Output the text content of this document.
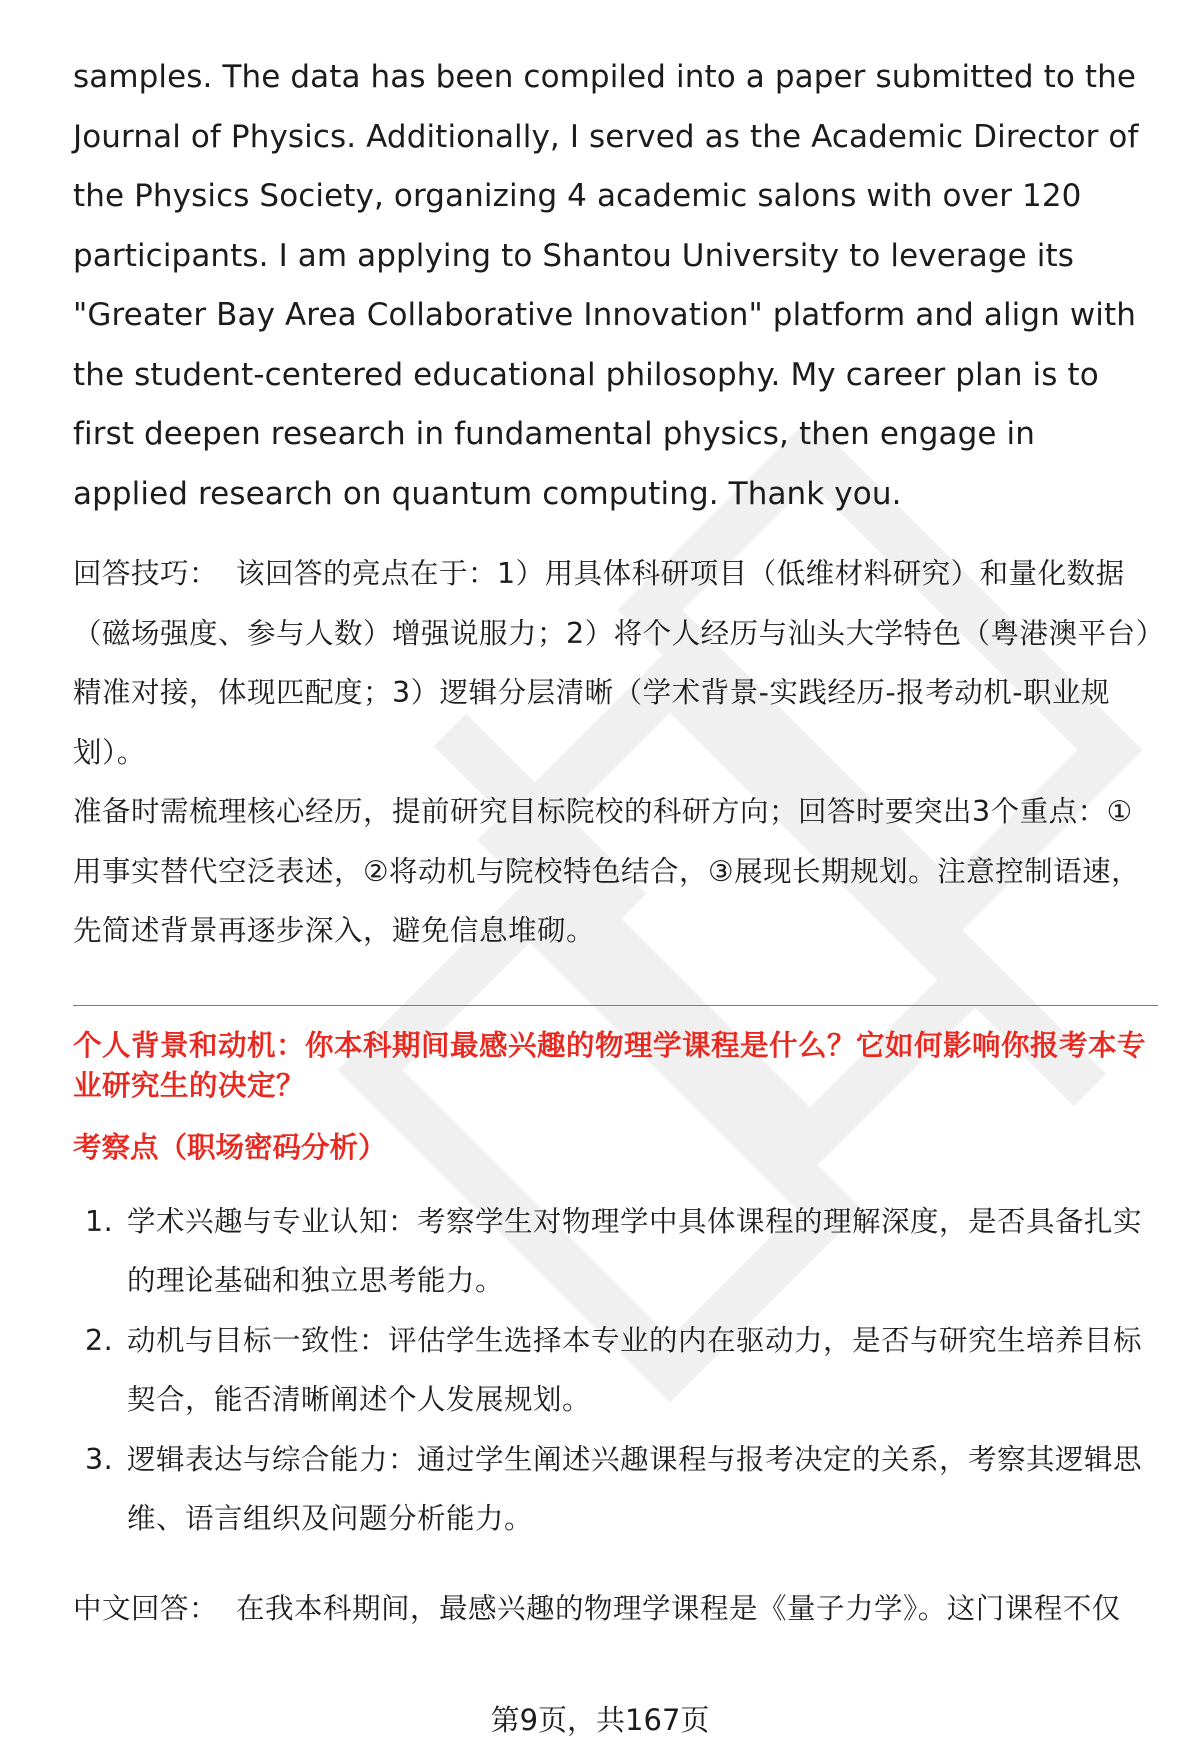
samples. The data has been compiled into a paper submitted to the Journal of Physics. Additionally, I served as the Academic Director of the Physics Society, organizing 4 academic salons with over 120 participants. I am applying to Shantou University to leverage its "Greater Bay Area Collaborative Innovation" platform and align with the student-centered educational philosophy. My career plan is to first deepen research in fundamental physics, then engage in applied research on quantum computing. Thank you.

回答技巧： 该回答的亮点在于：1）用具体科研项目（低维材料研究）和量化数据（磁场强度、参与人数）增强说服力；2）将个人经历与汕头大学特色（粤港澳平台）精准对接，体现匹配度；3）逻辑分层清晰（学术背景-实践经历-报考动机-职业规划）。

准备时需梳理核心经历，提前研究目标院校的科研方向；回答时要突出3个重点：①用事实替代空泛表述，②将动机与院校特色结合，③展现长期规划。注意控制语速，先简述背景再逐步深入，避免信息堆砌。

个人背景和动机：你本科期间最感兴趣的物理学课程是什么？它如何影响你报考本专业研究生的决定？

考察点（职场密码分析）

1. 学术兴趣与专业认知：考察学生对物理学中具体课程的理解深度，是否具备扎实的理论基础和独立思考能力。
2. 动机与目标一致性：评估学生选择本专业的内在驱动力，是否与研究生培养目标契合，能否清晰阐述个人发展规划。
3. 逻辑表达与综合能力：通过学生阐述兴趣课程与报考决定的关系，考察其逻辑思维、语言组织及问题分析能力。

中文回答： 在我本科期间，最感兴趣的物理学课程是《量子力学》。这门课程不仅

第9页，共167页
